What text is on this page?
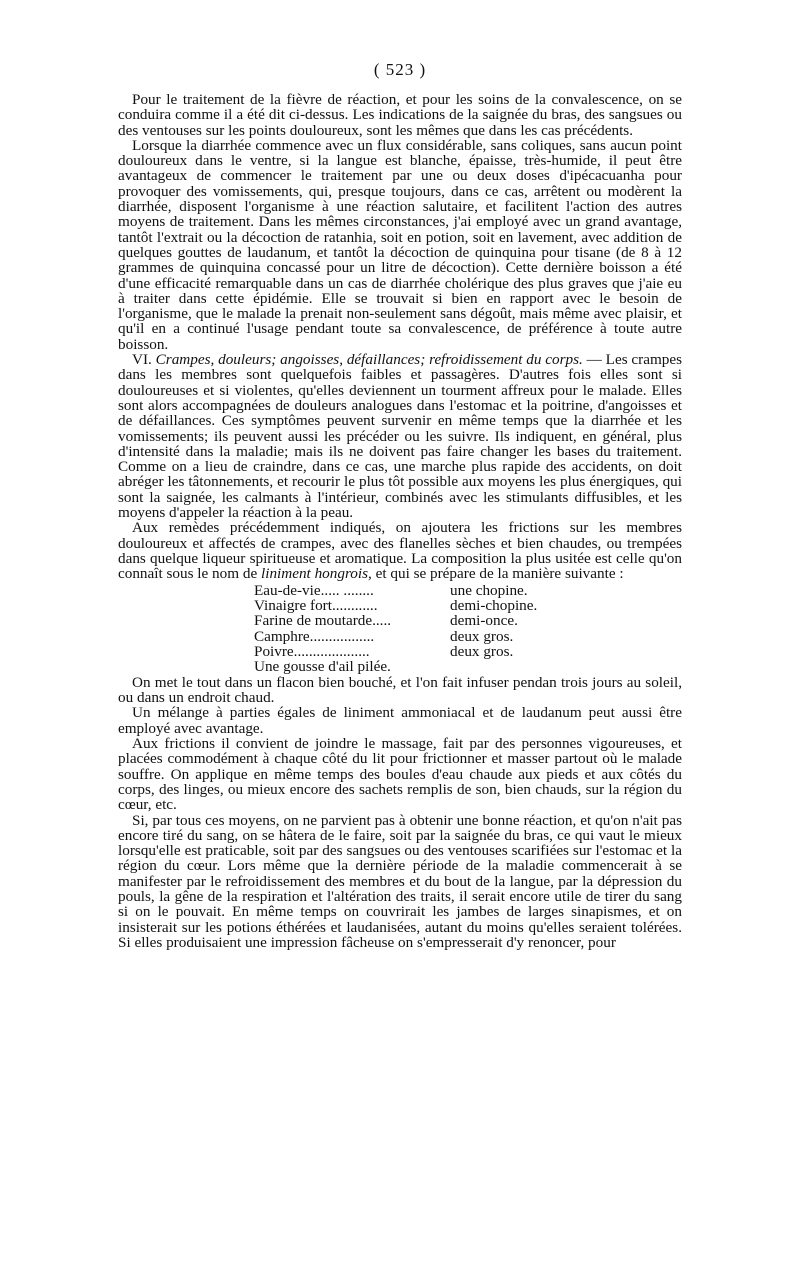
( 523 )

Pour le traitement de la fièvre de réaction, et pour les soins de la convalescence, on se conduira comme il a été dit ci-dessus. Les indications de la saignée du bras, des sangsues ou des ventouses sur les points douloureux, sont les mêmes que dans les cas précédents.

Lorsque la diarrhée commence avec un flux considérable, sans coliques, sans aucun point douloureux dans le ventre, si la langue est blanche, épaisse, très-humide, il peut être avantageux de commencer le traitement par une ou deux doses d'ipécacuanha pour provoquer des vomissements, qui, presque toujours, dans ce cas, arrêtent ou modèrent la diarrhée, disposent l'organisme à une réaction salutaire, et facilitent l'action des autres moyens de traitement. Dans les mêmes circonstances, j'ai employé avec un grand avantage, tantôt l'extrait ou la décoction de ratanhia, soit en potion, soit en lavement, avec addition de quelques gouttes de laudanum, et tantôt la décoction de quinquina pour tisane (de 8 à 12 grammes de quinquina concassé pour un litre de décoction). Cette dernière boisson a été d'une efficacité remarquable dans un cas de diarrhée cholérique des plus graves que j'aie eu à traiter dans cette épidémie. Elle se trouvait si bien en rapport avec le besoin de l'organisme, que le malade la prenait non-seulement sans dégoût, mais même avec plaisir, et qu'il en a continué l'usage pendant toute sa convalescence, de préférence à toute autre boisson.

VI. Crampes, douleurs; angoisses, défaillances; refroidissement du corps. — Les crampes dans les membres sont quelquefois faibles et passagères. D'autres fois elles sont si douloureuses et si violentes, qu'elles deviennent un tourment affreux pour le malade. Elles sont alors accompagnées de douleurs analogues dans l'estomac et la poitrine, d'angoisses et de défaillances. Ces symptômes peuvent survenir en même temps que la diarrhée et les vomissements; ils peuvent aussi les précéder ou les suivre. Ils indiquent, en général, plus d'intensité dans la maladie; mais ils ne doivent pas faire changer les bases du traitement. Comme on a lieu de craindre, dans ce cas, une marche plus rapide des accidents, on doit abréger les tâtonnements, et recourir le plus tôt possible aux moyens les plus énergiques, qui sont la saignée, les calmants à l'intérieur, combinés avec les stimulants diffusibles, et les moyens d'appeler la réaction à la peau.

Aux remèdes précédemment indiqués, on ajoutera les frictions sur les membres douloureux et affectés de crampes, avec des flanelles sèches et bien chaudes, ou trempées dans quelque liqueur spiritueuse et aromatique. La composition la plus usitée est celle qu'on connaît sous le nom de liniment hongrois, et qui se prépare de la manière suivante :

Eau-de-vie..... ........	une chopine.
Vinaigre fort............	demi-chopine.
Farine de moutarde.....	demi-once.
Camphre.................	deux gros.
Poivre....................	deux gros.
Une gousse d'ail pilée.

On met le tout dans un flacon bien bouché, et l'on fait infuser pendan trois jours au soleil, ou dans un endroit chaud.

Un mélange à parties égales de liniment ammoniacal et de laudanum peut aussi être employé avec avantage.

Aux frictions il convient de joindre le massage, fait par des personnes vigoureuses, et placées commodément à chaque côté du lit pour frictionner et masser partout où le malade souffre. On applique en même temps des boules d'eau chaude aux pieds et aux côtés du corps, des linges, ou mieux encore des sachets remplis de son, bien chauds, sur la région du cœur, etc.

Si, par tous ces moyens, on ne parvient pas à obtenir une bonne réaction, et qu'on n'ait pas encore tiré du sang, on se hâtera de le faire, soit par la saignée du bras, ce qui vaut le mieux lorsqu'elle est praticable, soit par des sangsues ou des ventouses scarifiées sur l'estomac et la région du cœur. Lors même que la dernière période de la maladie commencerait à se manifester par le refroidissement des membres et du bout de la langue, par la dépression du pouls, la gêne de la respiration et l'altération des traits, il serait encore utile de tirer du sang si on le pouvait. En même temps on couvrirait les jambes de larges sinapismes, et on insisterait sur les potions éthérées et laudanisées, autant du moins qu'elles seraient tolérées. Si elles produisaient une impression fâcheuse on s'empresserait d'y renoncer, pour
